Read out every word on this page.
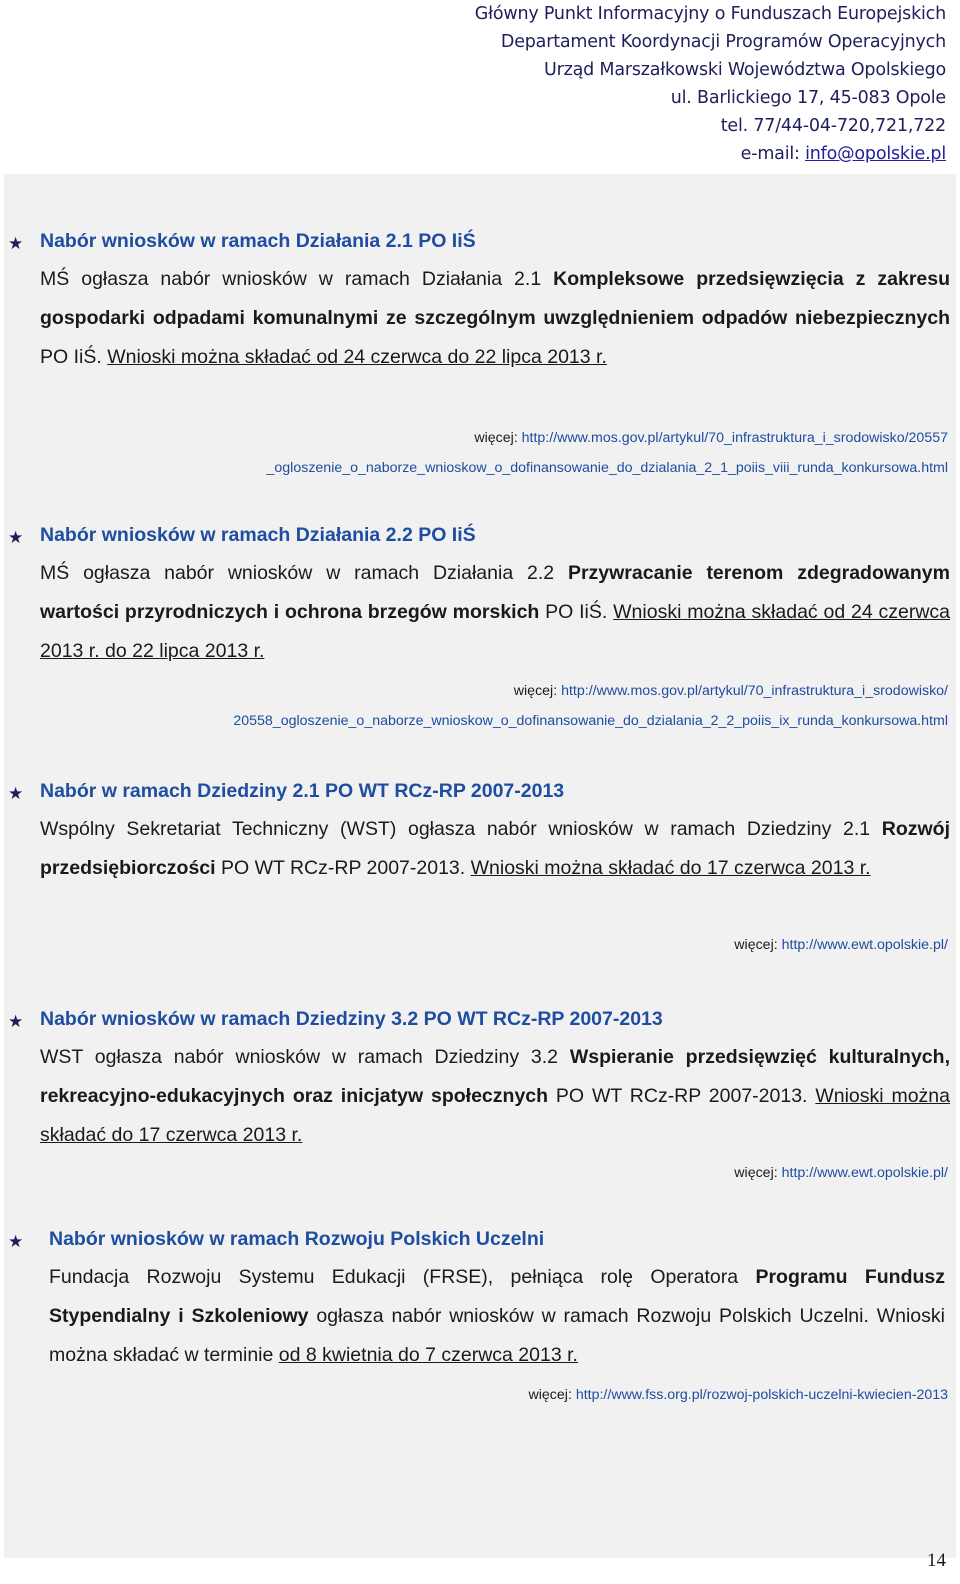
Główny Punkt Informacyjny o Funduszach Europejskich
Departament Koordynacji Programów Operacyjnych
Urząd Marszałkowski Województwa Opolskiego
ul. Barlickiego 17, 45-083 Opole
tel. 77/44-04-720,721,722
e-mail: info@opolskie.pl
★ Nabór wniosków w ramach Działania 2.1 PO IiŚ
MŚ ogłasza nabór wniosków w ramach Działania 2.1 Kompleksowe przedsięwzięcia z zakresu gospodarki odpadami komunalnymi ze szczególnym uwzględnieniem odpadów niebezpiecznych PO IiŚ. Wnioski można składać od 24 czerwca do 22 lipca 2013 r.
więcej: http://www.mos.gov.pl/artykul/70_infrastruktura_i_srodowisko/20557
_ogloszenie_o_naborze_wnioskow_o_dofinansowanie_do_dzialania_2_1_poiis_viii_runda_konkursowa.html
★ Nabór wniosków w ramach Działania 2.2 PO IiŚ
MŚ ogłasza nabór wniosków w ramach Działania 2.2 Przywracanie terenom zdegradowanym wartości przyrodniczych i ochrona brzegów morskich PO IiŚ. Wnioski można składać od 24 czerwca 2013 r. do 22 lipca 2013 r.
więcej: http://www.mos.gov.pl/artykul/70_infrastruktura_i_srodowisko/
20558_ogloszenie_o_naborze_wnioskow_o_dofinansowanie_do_dzialania_2_2_poiis_ix_runda_konkursowa.html
★ Nabór w ramach Dziedziny 2.1 PO WT RCz-RP 2007-2013
Wspólny Sekretariat Techniczny (WST) ogłasza nabór wniosków w ramach Dziedziny 2.1 Rozwój przedsiębiorczości PO WT RCz-RP 2007-2013. Wnioski można składać do 17 czerwca 2013 r.
więcej: http://www.ewt.opolskie.pl/
★ Nabór wniosków w ramach Dziedziny 3.2 PO WT RCz-RP 2007-2013
WST ogłasza nabór wniosków w ramach Dziedziny 3.2 Wspieranie przedsięwzięć kulturalnych, rekreacyjno-edukacyjnych oraz inicjatyw społecznych PO WT RCz-RP 2007-2013. Wnioski można składać do 17 czerwca 2013 r.
więcej: http://www.ewt.opolskie.pl/
★ Nabór wniosków w ramach Rozwoju Polskich Uczelni
Fundacja Rozwoju Systemu Edukacji (FRSE), pełniąca rolę Operatora Programu Fundusz Stypendialny i Szkoleniowy ogłasza nabór wniosków w ramach Rozwoju Polskich Uczelni. Wnioski można składać w terminie od 8 kwietnia do 7 czerwca 2013 r.
więcej: http://www.fss.org.pl/rozwoj-polskich-uczelni-kwiecien-2013
14
